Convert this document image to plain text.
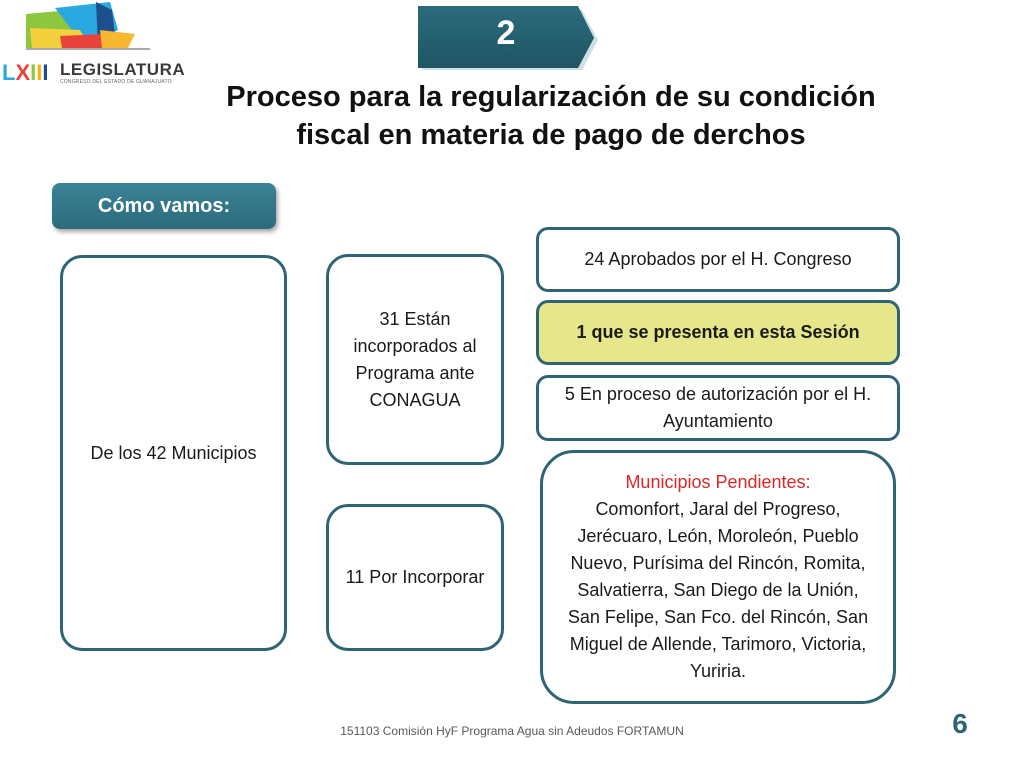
LXIII LEGISLATURA
CONGRESO DEL ESTADO DE GUANAJUATO
2
Proceso para la regularización de su condición fiscal en materia de pago de derchos
Cómo vamos:
De los 42 Municipios
31 Están incorporados al Programa ante CONAGUA
11 Por Incorporar
24 Aprobados por el H. Congreso
1 que se presenta en esta Sesión
5 En proceso de autorización por el H. Ayuntamiento
Municipios Pendientes:
Comonfort, Jaral del Progreso, Jerécuaro, León, Moroleón, Pueblo Nuevo, Purísima del Rincón, Romita, Salvatierra, San Diego de la Unión, San Felipe, San Fco. del Rincón, San Miguel de Allende, Tarimoro, Victoria, Yuriria.
151103 Comisión HyF Programa Agua sin Adeudos FORTAMUN	6
